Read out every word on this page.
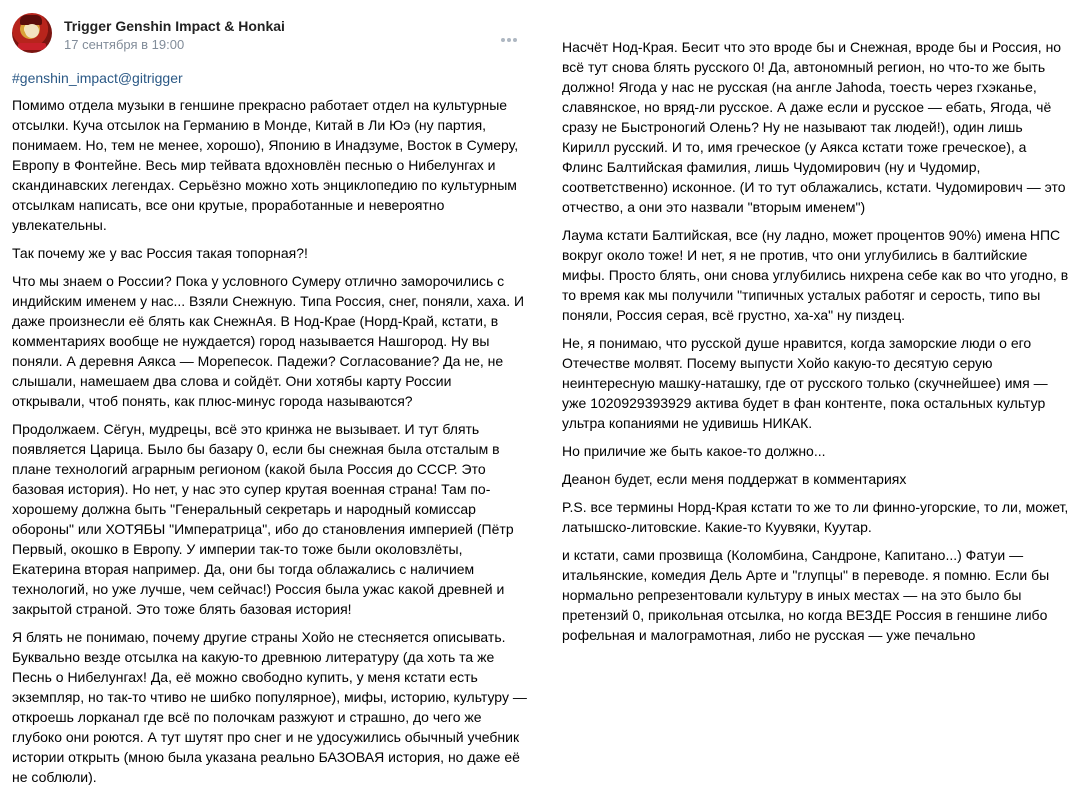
Trigger Genshin Impact & Honkai
17 сентября в 19:00
#genshin_impact@gitrigger

Помимо отдела музыки в геншине прекрасно работает отдел на культурные отсылки. Куча отсылок на Германию в Монде, Китай в Ли Юэ (ну партия, понимаем. Но, тем не менее, хорошо), Японию в Инадзуме, Восток в Сумеру, Европу в Фонтейне. Весь мир тейвата вдохновлён песнью о Нибелунгах и скандинавских легендах. Серьёзно можно хоть энциклопедию по культурным отсылкам написать, все они крутые, проработанные и невероятно увлекательны.

Так почему же у вас Россия такая топорная?!

Что мы знаем о России? Пока у условного Сумеру отлично заморочились с индийским именем у нас... Взяли Снежную. Типа Россия, снег, поняли, хаха. И даже произнесли её блять как СнежнАя. В Нод-Крае (Норд-Край, кстати, в комментариях вообще не нуждается) город называется Нашгород. Ну вы поняли. А деревня Аякса — Морепесок. Падежи? Согласование? Да не, не слышали, намешаем два слова и сойдёт. Они хотябы карту России открывали, чтоб понять, как плюс-минус города называются?

Продолжаем. Сёгун, мудрецы, всё это кринжа не вызывает. И тут блять появляется Царица. Было бы базару 0, если бы снежная была отсталым в плане технологий аграрным регионом (какой была Россия до СССР. Это базовая история). Но нет, у нас это супер крутая военная страна! Там по-хорошему должна быть "Генеральный секретарь и народный комиссар обороны" или ХОТЯБЫ "Императрица", ибо до становления империей (Пётр Первый, окошко в Европу. У империи так-то тоже были околовзлёты, Екатерина вторая например. Да, они бы тогда облажались с наличием технологий, но уже лучше, чем сейчас!) Россия была ужас какой древней и закрытой страной. Это тоже блять базовая история!

Я блять не понимаю, почему другие страны Хойо не стесняется описывать. Буквально везде отсылка на какую-то древнюю литературу (да хоть та же Песнь о Нибелунгах! Да, её можно свободно купить, у меня кстати есть экземпляр, но так-то чтиво не шибко популярное), мифы, историю, культуру — откроешь лорканал где всё по полочкам разжуют и страшно, до чего же глубоко они роются. А тут шутят про снег и не удосужились обычный учебник истории открыть (мною была указана реально БАЗОВАЯ история, но даже её не соблюли).

Насчёт Нод-Края. Бесит что это вроде бы и Снежная, вроде бы и Россия, но всё тут снова блять русского 0! Да, автономный регион, но что-то же быть должно! Ягода у нас не русская (на англе Jahoda, тоесть через гхэканье, славянское, но вряд-ли русское. А даже если и русское — ебать, Ягода, чё сразу не Быстроногий Олень? Ну не называют так людей!), один лишь Кирилл русский. И то, имя греческое (у Аякса кстати тоже греческое), а Флинс Балтийская фамилия, лишь Чудомирович (ну и Чудомир, соответственно) исконное. (И то тут облажались, кстати. Чудомирович — это отчество, а они это назвали "вторым именем")

Лаума кстати Балтийская, все (ну ладно, может процентов 90%) имена НПС вокруг около тоже! И нет, я не против, что они углубились в балтийские мифы. Просто блять, они снова углубились нихрена себе как во что угодно, в то время как мы получили "типичных усталых работяг и серость, типо вы поняли, Россия серая, всё грустно, ха-ха" ну пиздец.

Не, я понимаю, что русской душе нравится, когда заморские люди о его Отечестве молвят. Посему выпусти Хойо какую-то десятую серую неинтересную машку-наташку, где от русского только (скучнейшее) имя — уже 1020929393929 актива будет в фан контенте, пока остальных культур ультра копаниями не удивишь НИКАК.

Но приличие же быть какое-то должно...

Деанон будет, если меня поддержат в комментариях

P.S. все термины Норд-Края кстати то же то ли финно-угорские, то ли, может, латышско-литовские. Какие-то Куувяки, Куутар.

и кстати, сами прозвища (Коломбина, Сандроне, Капитано...) Фатуи — итальянские, комедия Дель Арте и "глупцы" в переводе. я помню. Если бы нормально репрезентовали культуру в иных местах — на это было бы претензий 0, прикольная отсылка, но когда ВЕЗДЕ Россия в геншине либо рофельная и малограмотная, либо не русская — уже печально
